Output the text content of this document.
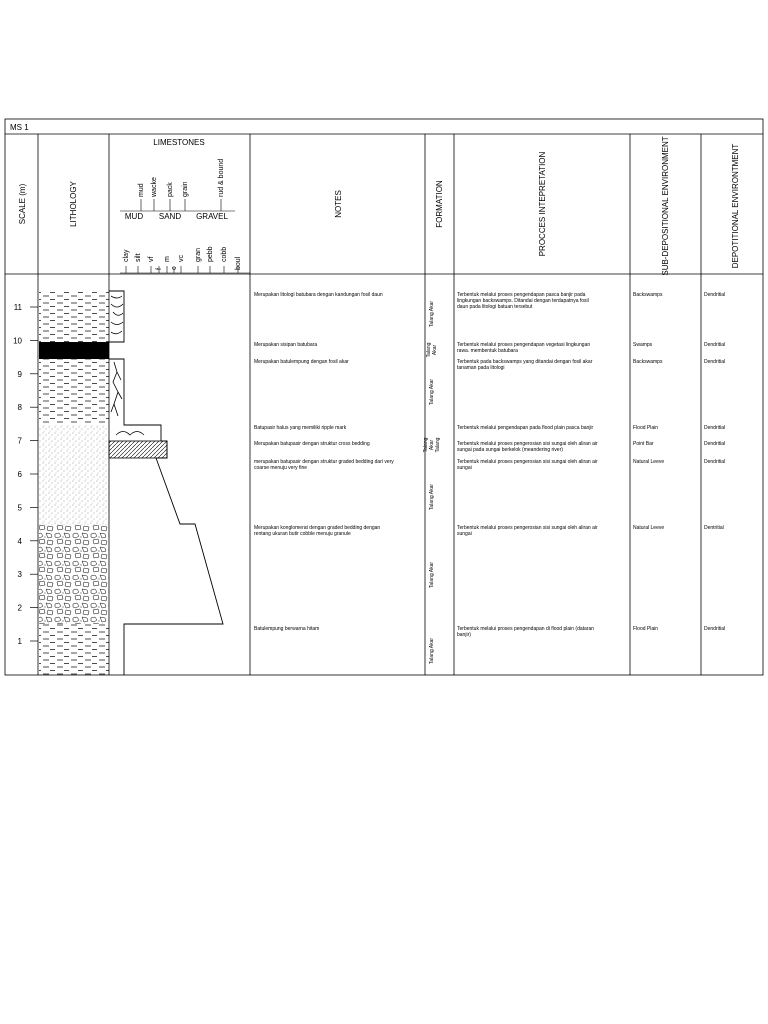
MS 1
SCALE (m)	LITHOLOGY	NOTES	FORMATION	PROCCES INTEPRETATION	SUB-DEPOSITIONAL ENVIRONMENT	DEPOTITIONAL ENVIRONTMENT
LIMESTONES
mud wacke pack grain	rud & bound
MUD SAND GRAVEL
clay silt vf
f
m
c
vc gran pebb cobb
boul
1
2
3
4
5
6
7
8
9
10
11
Merupakan litologi batubara dengan kandungan fosil daun	Terbentuk melalui proses pengendapan pasca banjir pada
lingkungan backswamps. Ditandai dengan terdapatnya fosil
daun pada litologi batuan tersebut
Backswamps	Dendritial
Talang Akar
Merupakan sisipan batubara	Terbentuk melalui proses pengendapan vegetasi lingkungan
rawa. membentuk batubara
Swamps	Dendritial
Talang Akar
Merupakan batulempung dengan fosil akar	Terbentuk pada backswamps yang ditandai dengan fosil akar
tanaman pada litologi
Backswamps	Dendritial
Talang Akar
Batupasir halus yang memiliki ripple mark	Terbentuk melalui pengendapan pada flood plain pasca banjir	Flood Plain	Dendritial
Talang Akar Talang
Merupakan batupasir dengan struktur cross bedding	Terbentuk melalui proses pengerosian sisi sungai oleh aliran air
sungai pada sungai berkelok (meandering river)
Point Bar	Dendritial
merupakan batupasir dengan struktur graded bedding dari very
coarse menuju very fine
Terbentuk melalui proses pengerosian sisi sungai oleh aliran air
sungai
Natural Leeve	Dendritial
Talang Akar
Merupakan konglomerat dengan graded bedding dengan
rentang ukuran butir cobble menuju granule
Terbentuk melalui proses pengerosian sisi sungai oleh aliran air
sungai
Natural Leeve	Dentritial
Talang Akar
Batulempung berwarna hitam	Terbentuk melalui proses pengendapan di flood plain (dataran
banjir)
Flood Plain	Dendritial
Talang Akar
